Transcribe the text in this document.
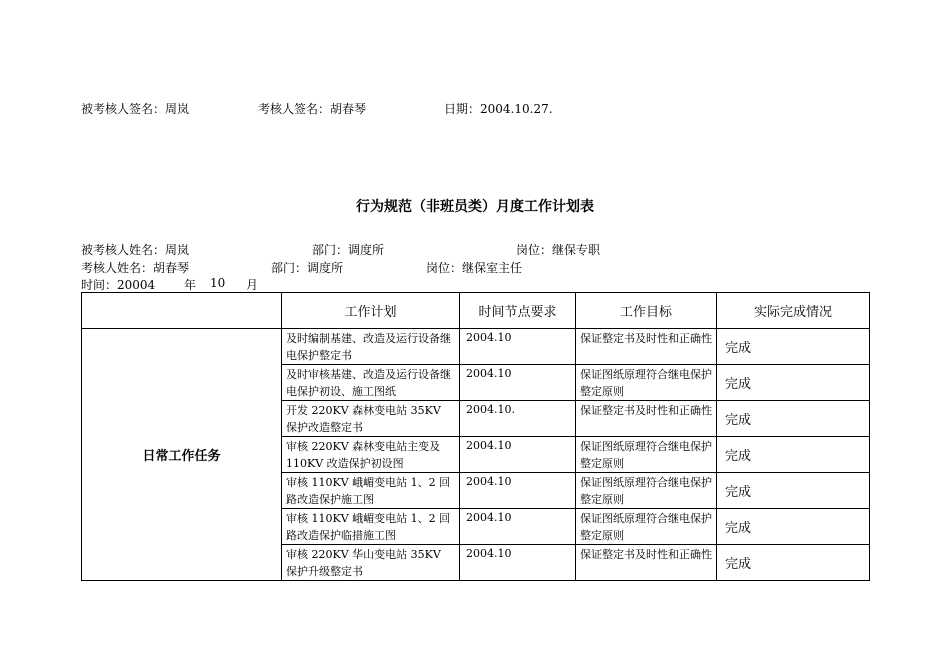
被考核人签名：周岚	考核人签名：胡春琴	日期：2004.10.27.
行为规范（非班员类）月度工作计划表
被考核人姓名：周岚	部门：调度所	岗位：继保专职
考核人姓名：胡春琴	部门：调度所	岗位：继保室主任
时间：20004 年 10 月
	工作计划	时间节点要求	工作目标	实际完成情况
日常工作任务	及时编制基建、改造及运行设备继电保护整定书	2004.10	保证整定书及时性和正确性	完成
	及时审核基建、改造及运行设备继电保护初设、施工图纸	2004.10	保证图纸原理符合继电保护整定原则	完成
	开发 220KV 森林变电站 35KV 保护改造整定书	2004.10.	保证整定书及时性和正确性	完成
	审核 220KV 森林变电站主变及 110KV 改造保护初设图	2004.10	保证图纸原理符合继电保护整定原则	完成
	审核 110KV 峨嵋变电站 1、2 回路改造保护施工图	2004.10	保证图纸原理符合继电保护整定原则	完成
	审核 110KV 峨嵋变电站 1、2 回路改造保护临措施工图	2004.10	保证图纸原理符合继电保护整定原则	完成
	审核 220KV 华山变电站 35KV 保护升级整定书	2004.10	保证整定书及时性和正确性	完成
